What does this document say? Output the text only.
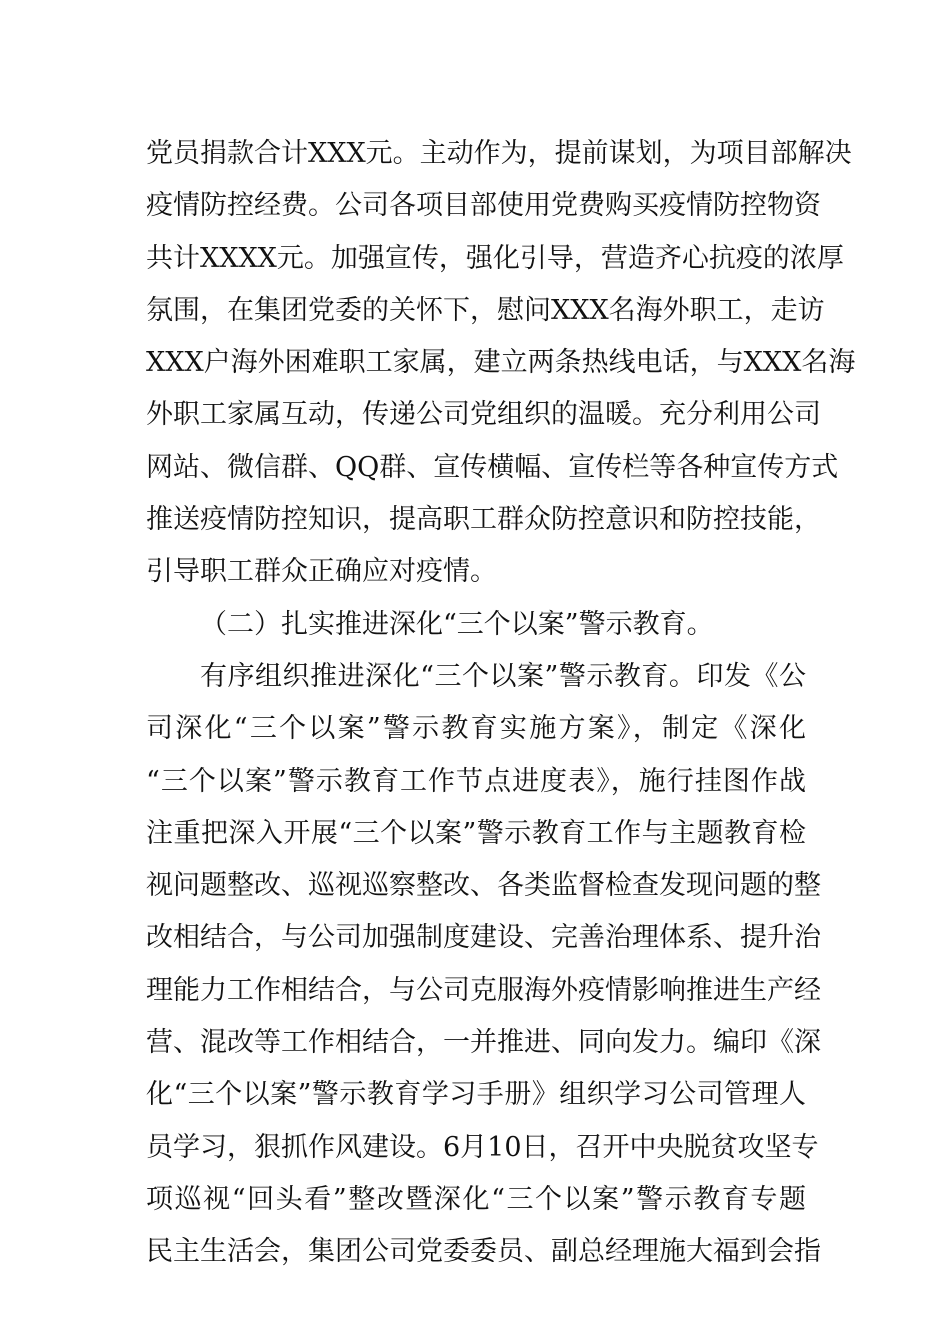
党员捐款合计XXX元。主动作为，提前谋划，为项目部解决
疫情防控经费。公司各项目部使用党费购买疫情防控物资
共计XXXX元。加强宣传，强化引导，营造齐心抗疫的浓厚
氛围，在集团党委的关怀下，慰问XXX名海外职工，走访
XXX户海外困难职工家属，建立两条热线电话，与XXX名海
外职工家属互动，传递公司党组织的温暖。充分利用公司
网站、微信群、QQ群、宣传横幅、宣传栏等各种宣传方式
推送疫情防控知识，提高职工群众防控意识和防控技能，
引导职工群众正确应对疫情。
（二）扎实推进深化“三个以案”警示教育。
有序组织推进深化“三个以案”警示教育。印发《公
司深化“三个以案”警示教育实施方案》，制定《深化
“三个以案”警示教育工作节点进度表》，施行挂图作战
注重把深入开展“三个以案”警示教育工作与主题教育检
视问题整改、巡视巡察整改、各类监督检查发现问题的整
改相结合，与公司加强制度建设、完善治理体系、提升治
理能力工作相结合，与公司克服海外疫情影响推进生产经
营、混改等工作相结合，一并推进、同向发力。编印《深
化“三个以案”警示教育学习手册》组织学习公司管理人
员学习，狠抓作风建设。6月10日，召开中央脱贫攻坚专
项巡视“回头看”整改暨深化“三个以案”警示教育专题
民主生活会，集团公司党委委员、副总经理施大福到会指
